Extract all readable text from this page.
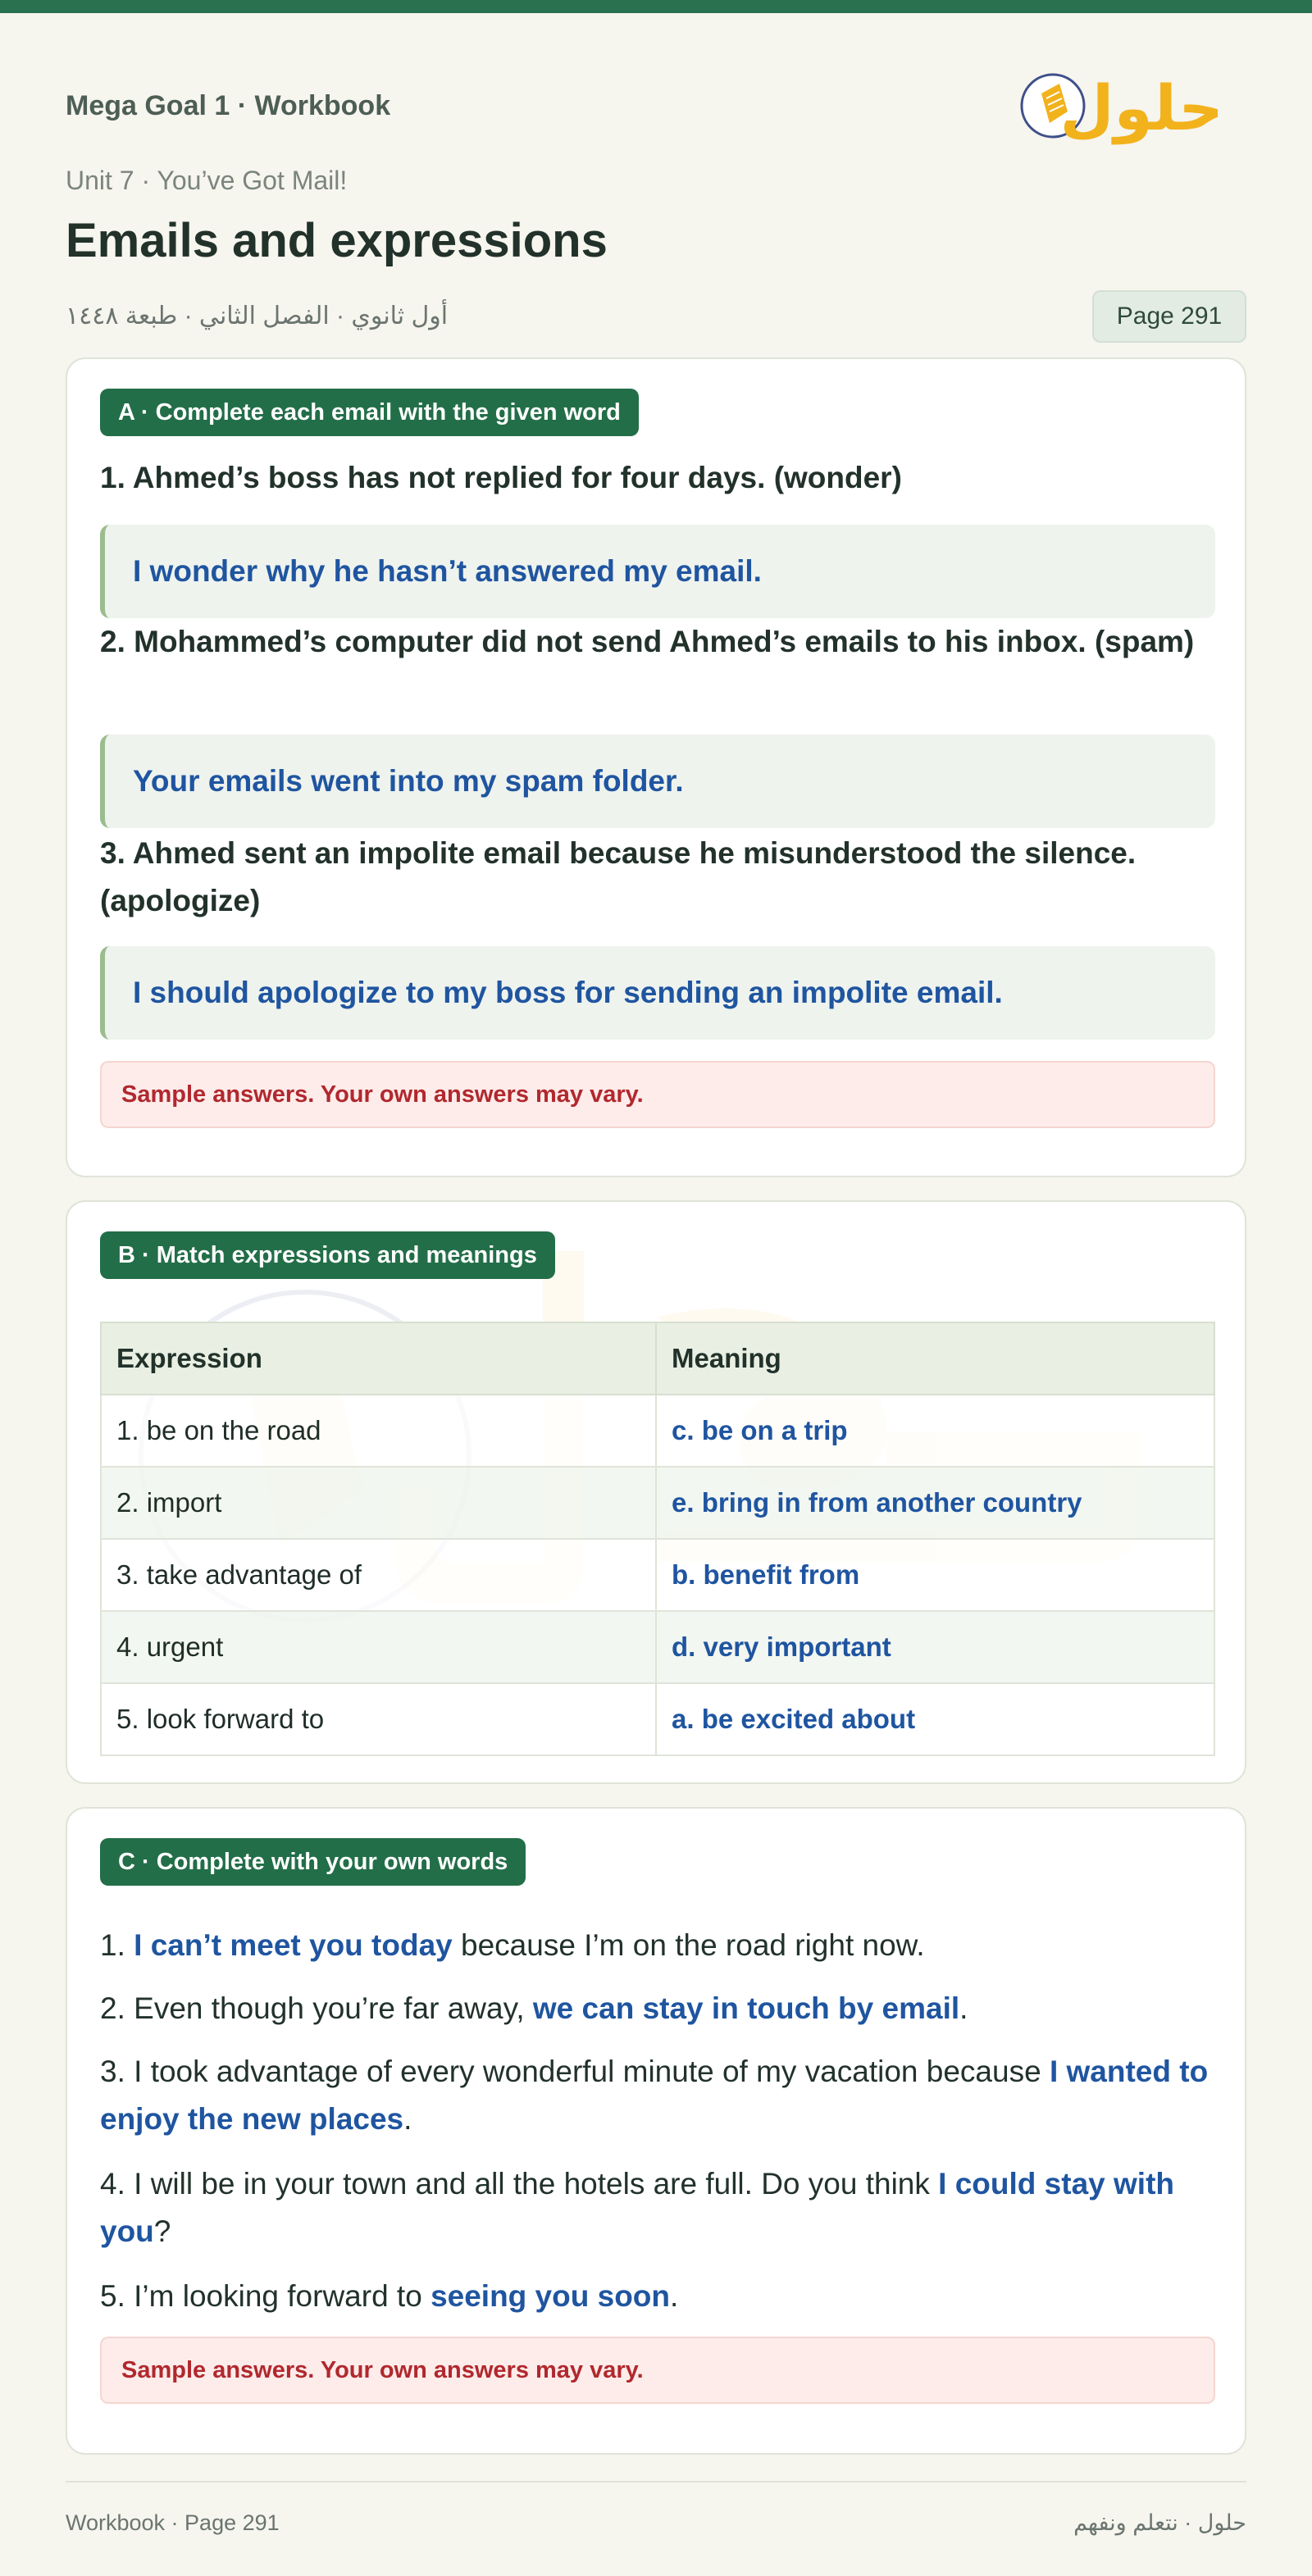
Mega Goal 1 · Workbook	حلول
Unit 7 · You’ve Got Mail!
Emails and expressions
أول ثانوي · الفصل الثاني · طبعة ١٤٤٨	Page 291
A · Complete each email with the given word
1. Ahmed’s boss has not replied for four days. (wonder)
I wonder why he hasn’t answered my email.
2. Mohammed’s computer did not send Ahmed’s emails to his inbox. (spam)
Your emails went into my spam folder.
3. Ahmed sent an impolite email because he misunderstood the silence. (apologize)
I should apologize to my boss for sending an impolite email.
Sample answers. Your own answers may vary.
B · Match expressions and meanings
Expression	Meaning
1. be on the road	c. be on a trip
2. import	e. bring in from another country
3. take advantage of	b. benefit from
4. urgent	d. very important
5. look forward to	a. be excited about
C · Complete with your own words
1. I can’t meet you today because I’m on the road right now.
2. Even though you’re far away, we can stay in touch by email.
3. I took advantage of every wonderful minute of my vacation because I wanted to enjoy the new places.
4. I will be in your town and all the hotels are full. Do you think I could stay with you?
5. I’m looking forward to seeing you soon.
Sample answers. Your own answers may vary.
Workbook · Page 291	حلول · نتعلم ونفهم
